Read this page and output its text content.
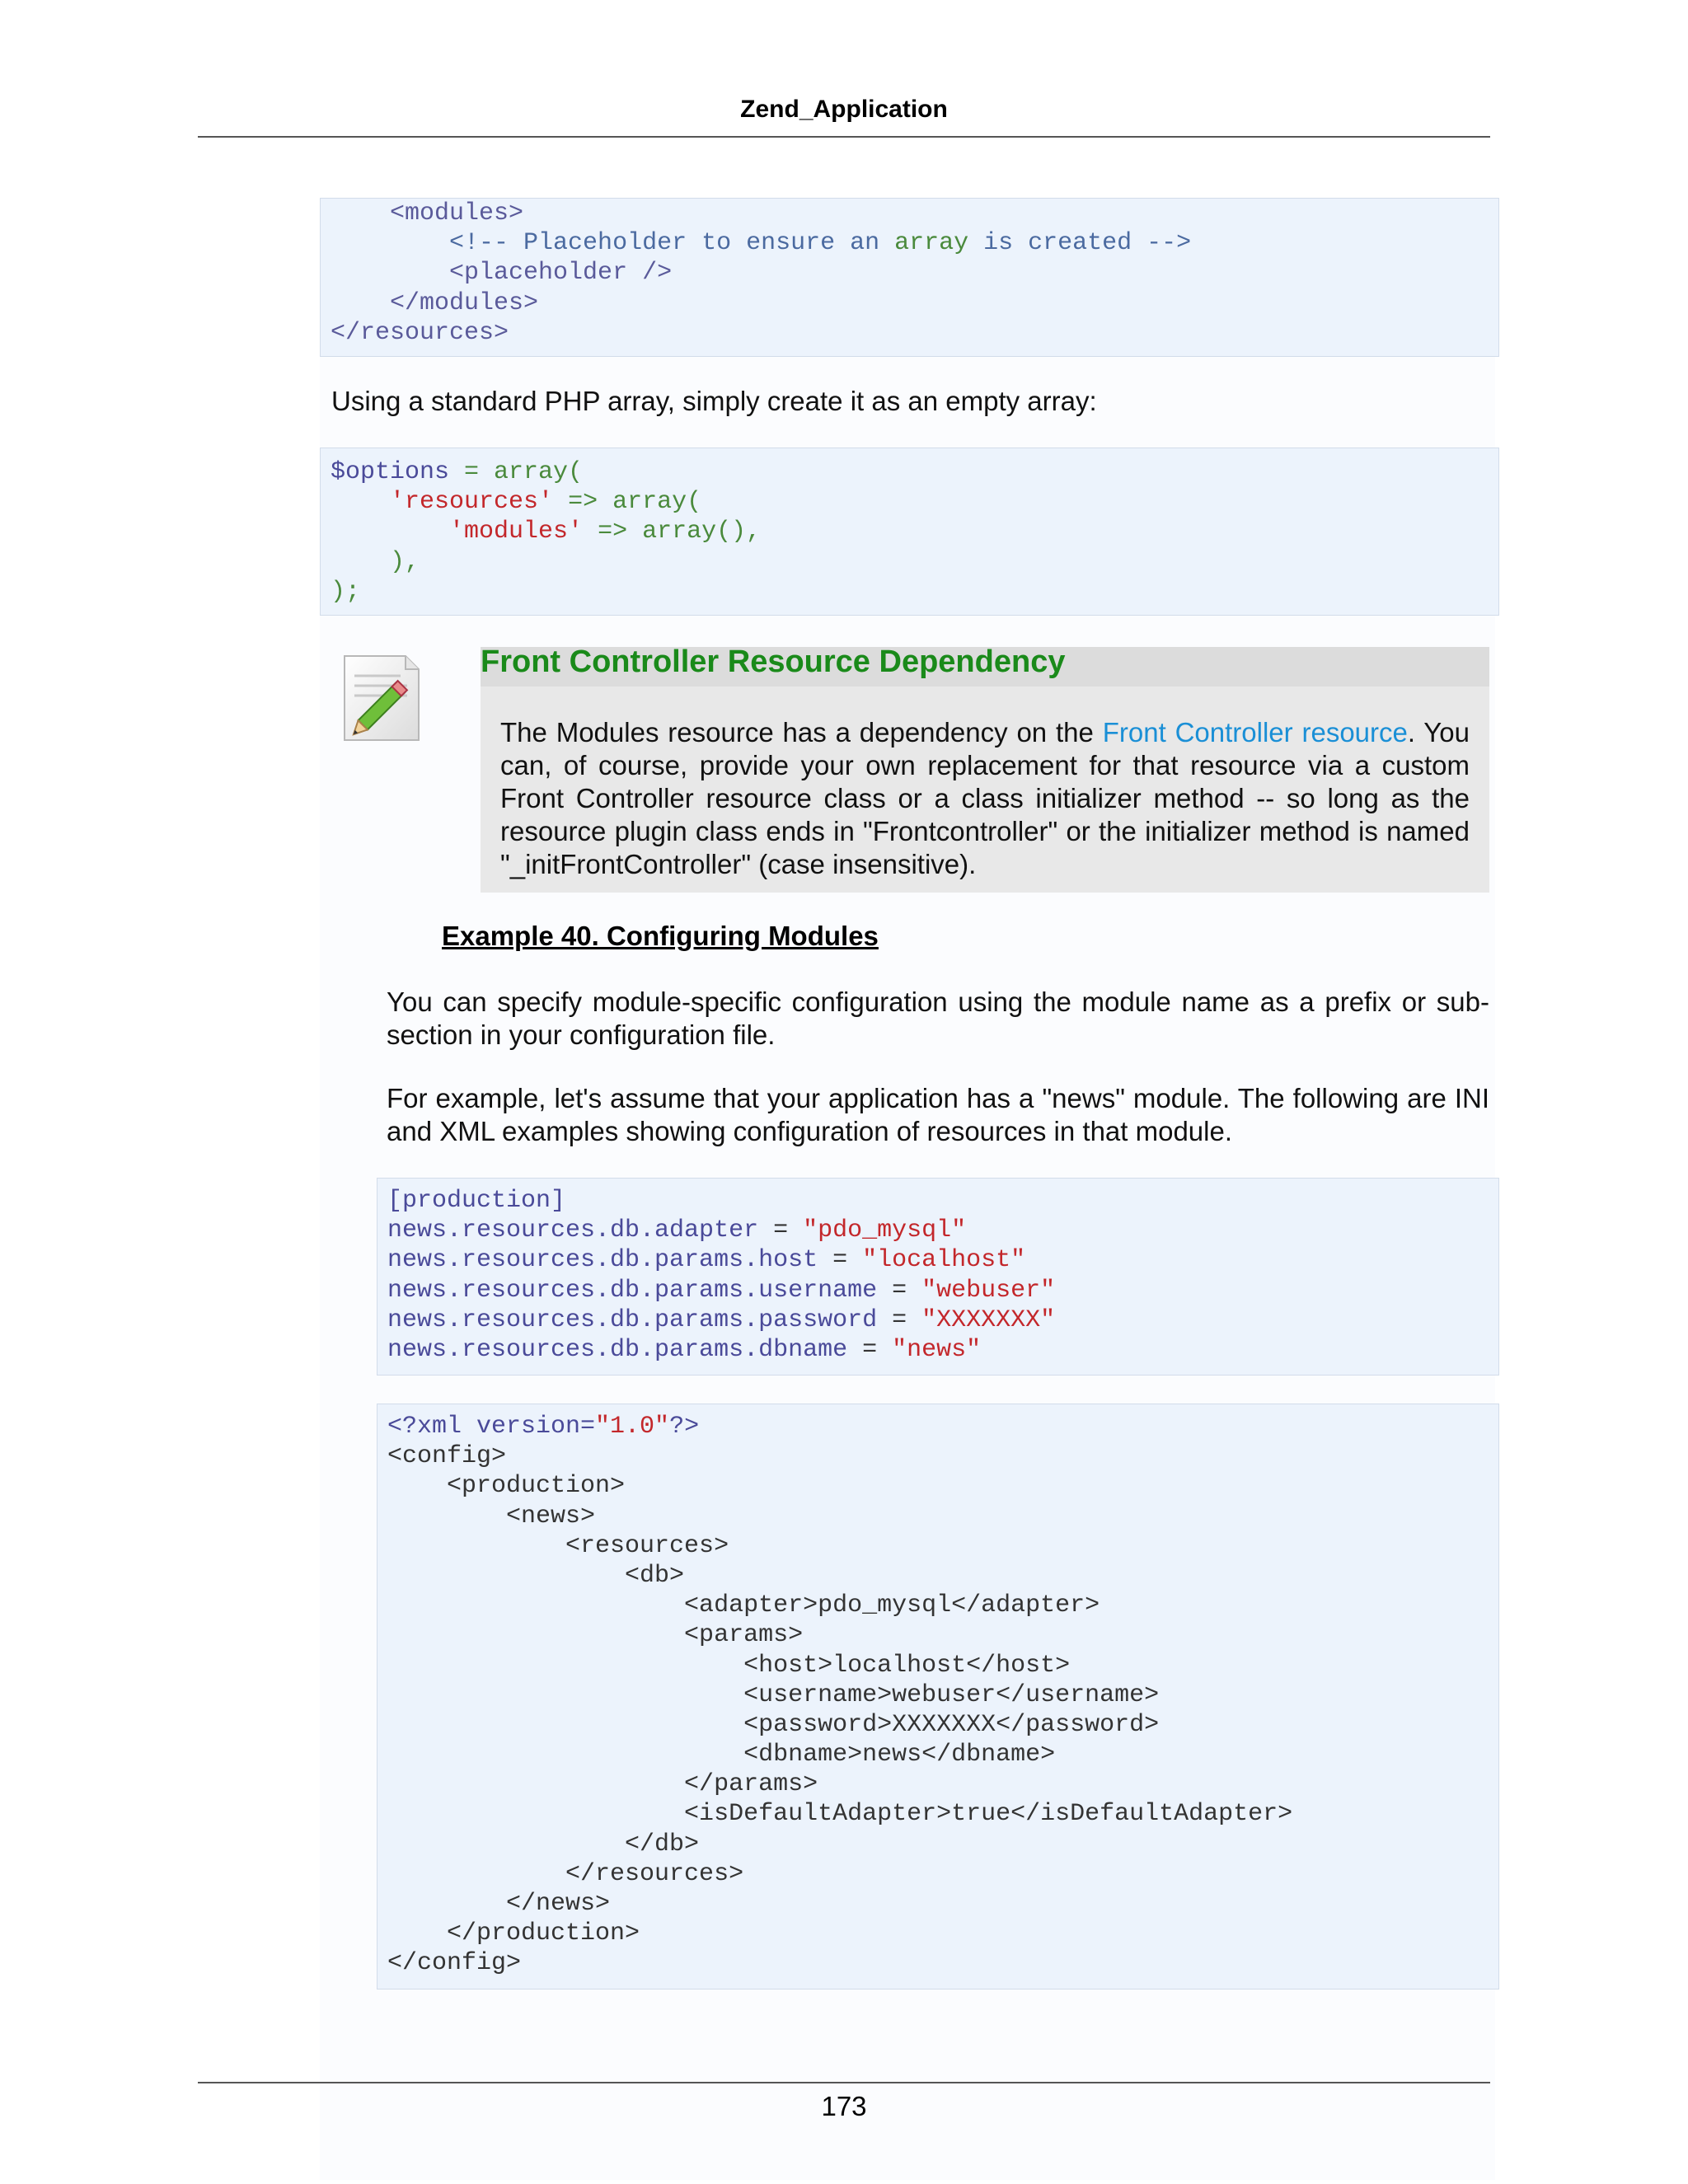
Zend_Application
<modules>
<!-- Placeholder to ensure an array is created -->
<placeholder />
</modules>
</resources>
Using a standard PHP array, simply create it as an empty array:
$options = array(
'resources' => array(
'modules' => array(),
),
);
Front Controller Resource Dependency
The Modules resource has a dependency on the Front Controller resource. You can, of course, provide your own replacement for that resource via a custom Front Controller resource class or a class initializer method -- so long as the resource plugin class ends in "Frontcontroller" or the initializer method is named "_initFrontController" (case insensitive).
Example 40. Configuring Modules
You can specify module-specific configuration using the module name as a prefix or sub-section in your configuration file.
For example, let's assume that your application has a "news" module. The following are INI and XML examples showing configuration of resources in that module.
[production]
news.resources.db.adapter = "pdo_mysql"
news.resources.db.params.host = "localhost"
news.resources.db.params.username = "webuser"
news.resources.db.params.password = "XXXXXXX"
news.resources.db.params.dbname = "news"
<?xml version="1.0"?>
<config>
<production>
<news>
<resources>
<db>
<adapter>pdo_mysql</adapter>
<params>
<host>localhost</host>
<username>webuser</username>
<password>XXXXXXX</password>
<dbname>news</dbname>
</params>
<isDefaultAdapter>true</isDefaultAdapter>
</db>
</resources>
</news>
</production>
</config>
173
